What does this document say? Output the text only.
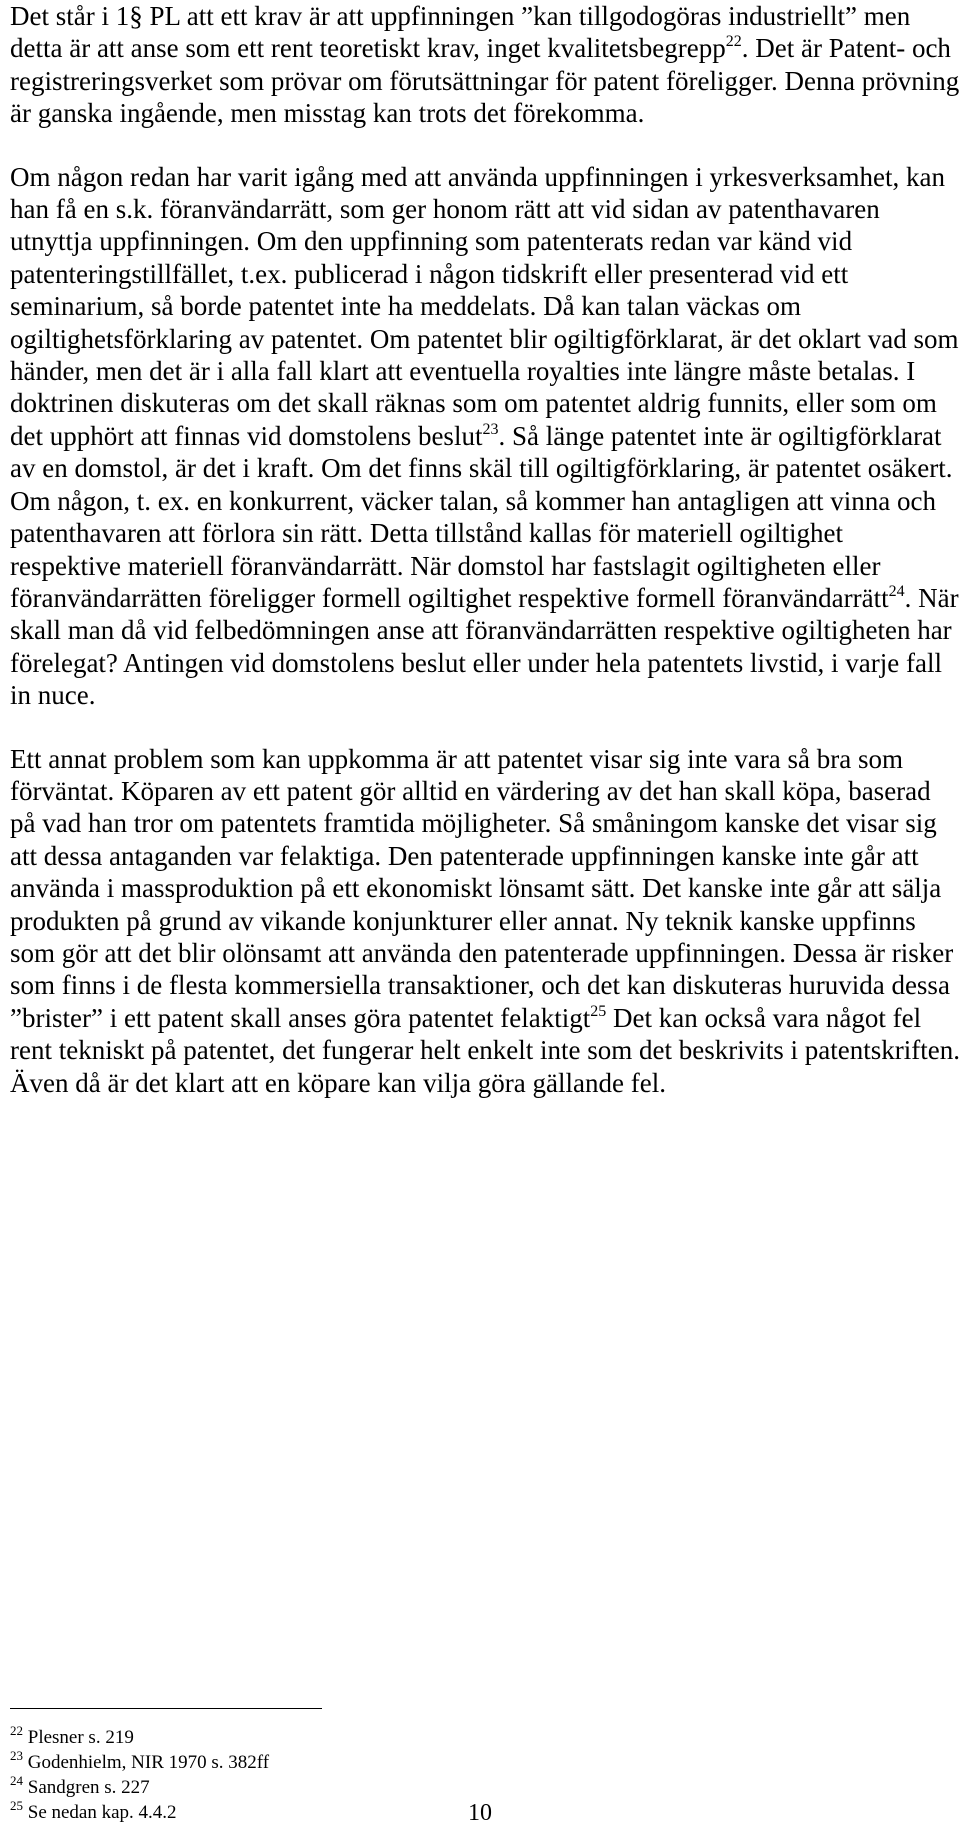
Det står i 1§ PL att ett krav är att uppfinningen ”kan tillgodogöras industriellt” men detta är att anse som ett rent teoretiskt krav, inget kvalitetsbegrepp$^{22}$. Det är Patent- och registreringsverket som prövar om förutsättningar för patent föreligger. Denna prövning är ganska ingående, men misstag kan trots det förekomma.

Om någon redan har varit igång med att använda uppfinningen i yrkesverksamhet, kan han få en s.k. föranvändarrätt, som ger honom rätt att vid sidan av patenthavaren utnyttja uppfinningen. Om den uppfinning som patenterats redan var känd vid patenteringstillfället, t.ex. publicerad i någon tidskrift eller presenterad vid ett seminarium, så borde patentet inte ha meddelats. Då kan talan väckas om ogiltighetsförklaring av patentet. Om patentet blir ogiltigförklarat, är det oklart vad som händer, men det är i alla fall klart att eventuella royalties inte längre måste betalas. I doktrinen diskuteras om det skall räknas som om patentet aldrig funnits, eller som om det upphört att finnas vid domstolens beslut$^{23}$. Så länge patentet inte är ogiltigförklarat av en domstol, är det i kraft. Om det finns skäl till ogiltigförklaring, är patentet osäkert. Om någon, t. ex. en konkurrent, väcker talan, så kommer han antagligen att vinna och patenthavaren att förlora sin rätt. Detta tillstånd kallas för materiell ogiltighet respektive materiell föranvändarrätt. När domstol har fastslagit ogiltigheten eller föranvändarrätten föreligger formell ogiltighet respektive formell föranvändarrätt$^{24}$. När skall man då vid felbedömningen anse att föranvändarrätten respektive ogiltigheten har förelegat? Antingen vid domstolens beslut eller under hela patentets livstid, i varje fall in nuce.

Ett annat problem som kan uppkomma är att patentet visar sig inte vara så bra som förväntat. Köparen av ett patent gör alltid en värdering av det han skall köpa, baserad på vad han tror om patentets framtida möjligheter. Så småningom kanske det visar sig att dessa antaganden var felaktiga. Den patenterade uppfinningen kanske inte går att använda i massproduktion på ett ekonomiskt lönsamt sätt. Det kanske inte går att sälja produkten på grund av vikande konjunkturer eller annat. Ny teknik kanske uppfinns som gör att det blir olönsamt att använda den patenterade uppfinningen. Dessa är risker som finns i de flesta kommersiella transaktioner, och det kan diskuteras huruvida dessa ”brister” i ett patent skall anses göra patentet felaktigt$^{25}$ Det kan också vara något fel rent tekniskt på patentet, det fungerar helt enkelt inte som det beskrivits i patentskriften. Även då är det klart att en köpare kan vilja göra gällande fel.

$^{22}$ Plesner s. 219
$^{23}$ Godenhielm, NIR 1970 s. 382ff
$^{24}$ Sandgren s. 227
$^{25}$ Se nedan kap. 4.4.2	10
